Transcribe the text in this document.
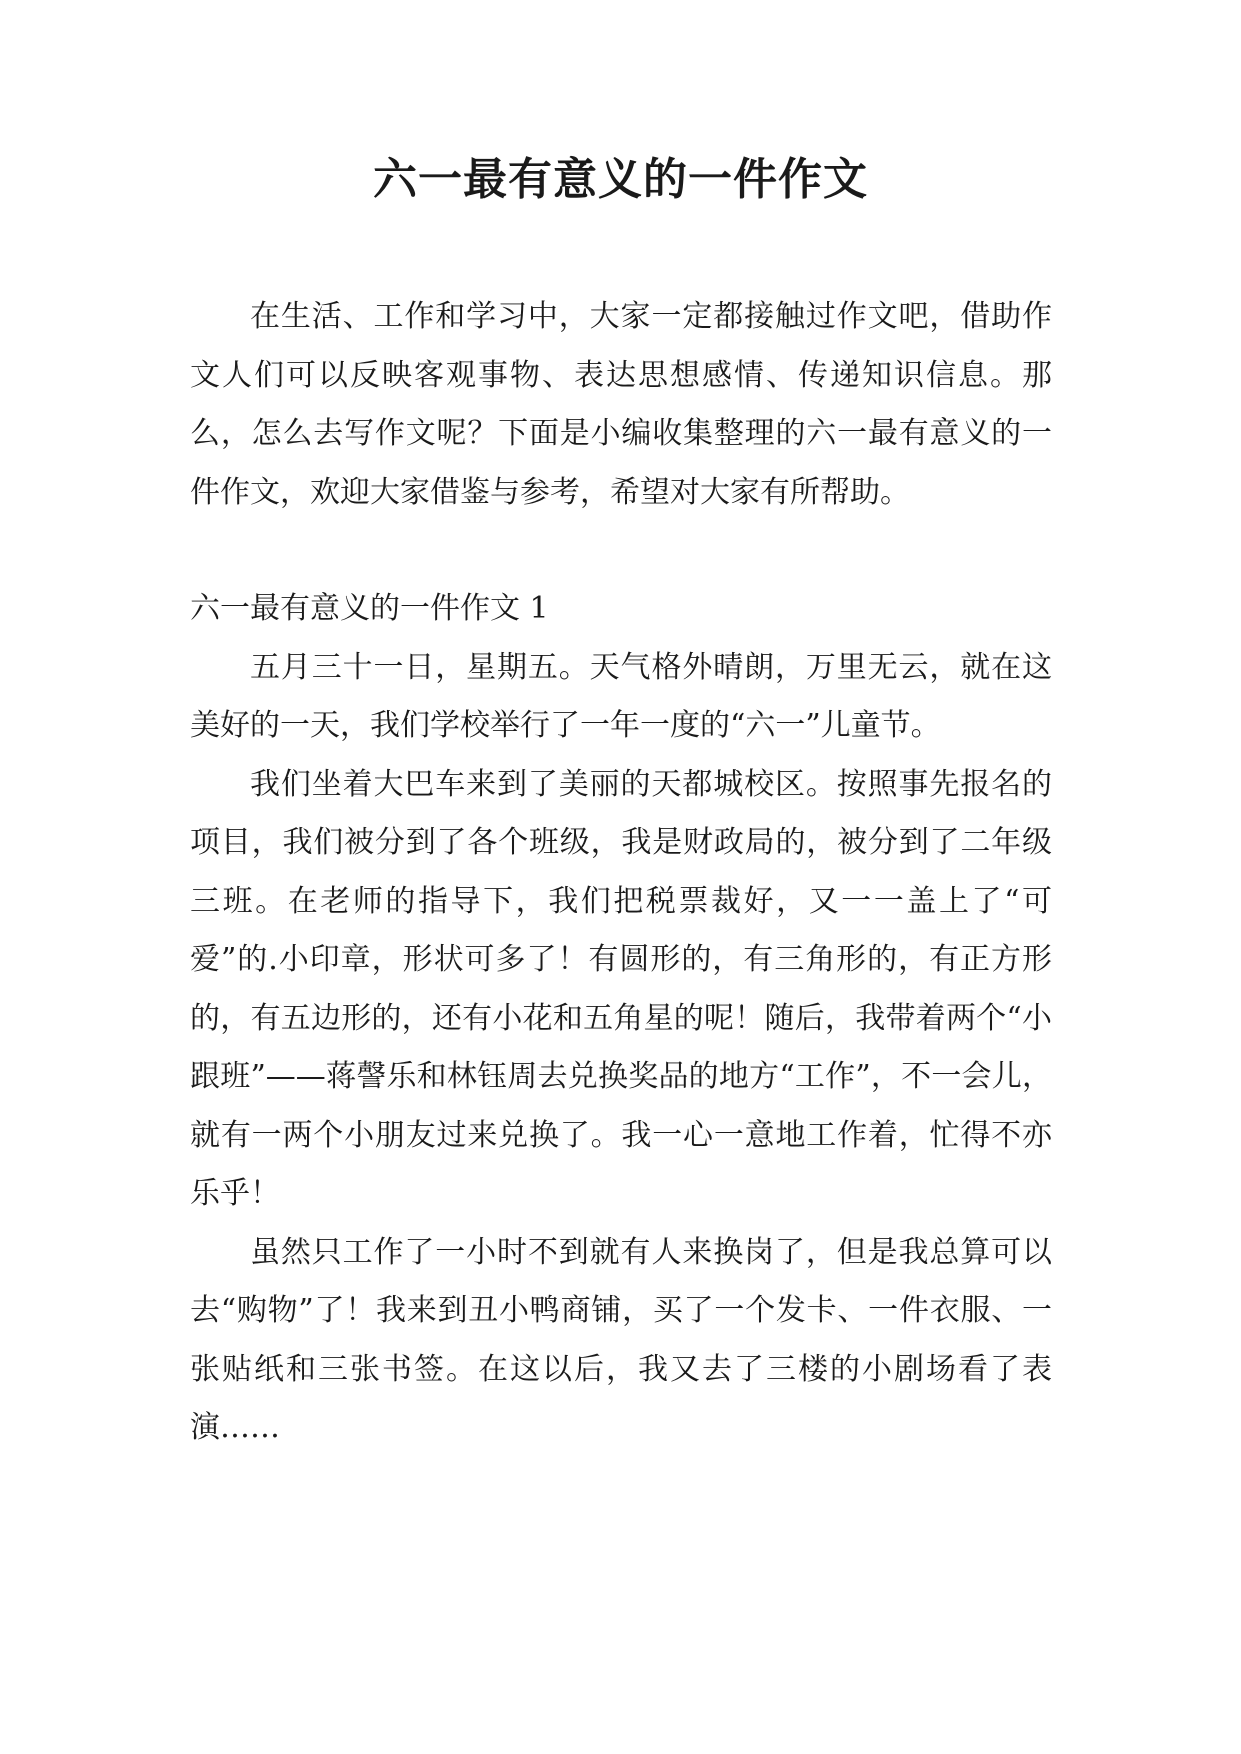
六一最有意义的一件作文

在生活、工作和学习中，大家一定都接触过作文吧，借助作文人们可以反映客观事物、表达思想感情、传递知识信息。那么，怎么去写作文呢？下面是小编收集整理的六一最有意义的一件作文，欢迎大家借鉴与参考，希望对大家有所帮助。

六一最有意义的一件作文 1

五月三十一日，星期五。天气格外晴朗，万里无云，就在这美好的一天，我们学校举行了一年一度的“六一”儿童节。

我们坐着大巴车来到了美丽的天都城校区。按照事先报名的项目，我们被分到了各个班级，我是财政局的，被分到了二年级三班。在老师的指导下，我们把税票裁好，又一一盖上了“可爱”的.小印章，形状可多了！有圆形的，有三角形的，有正方形的，有五边形的，还有小花和五角星的呢！随后，我带着两个“小跟班”——蒋謦乐和林钰周去兑换奖品的地方“工作”，不一会儿，就有一两个小朋友过来兑换了。我一心一意地工作着，忙得不亦乐乎！

虽然只工作了一小时不到就有人来换岗了，但是我总算可以去“购物”了！我来到丑小鸭商铺，买了一个发卡、一件衣服、一张贴纸和三张书签。在这以后，我又去了三楼的小剧场看了表演……
